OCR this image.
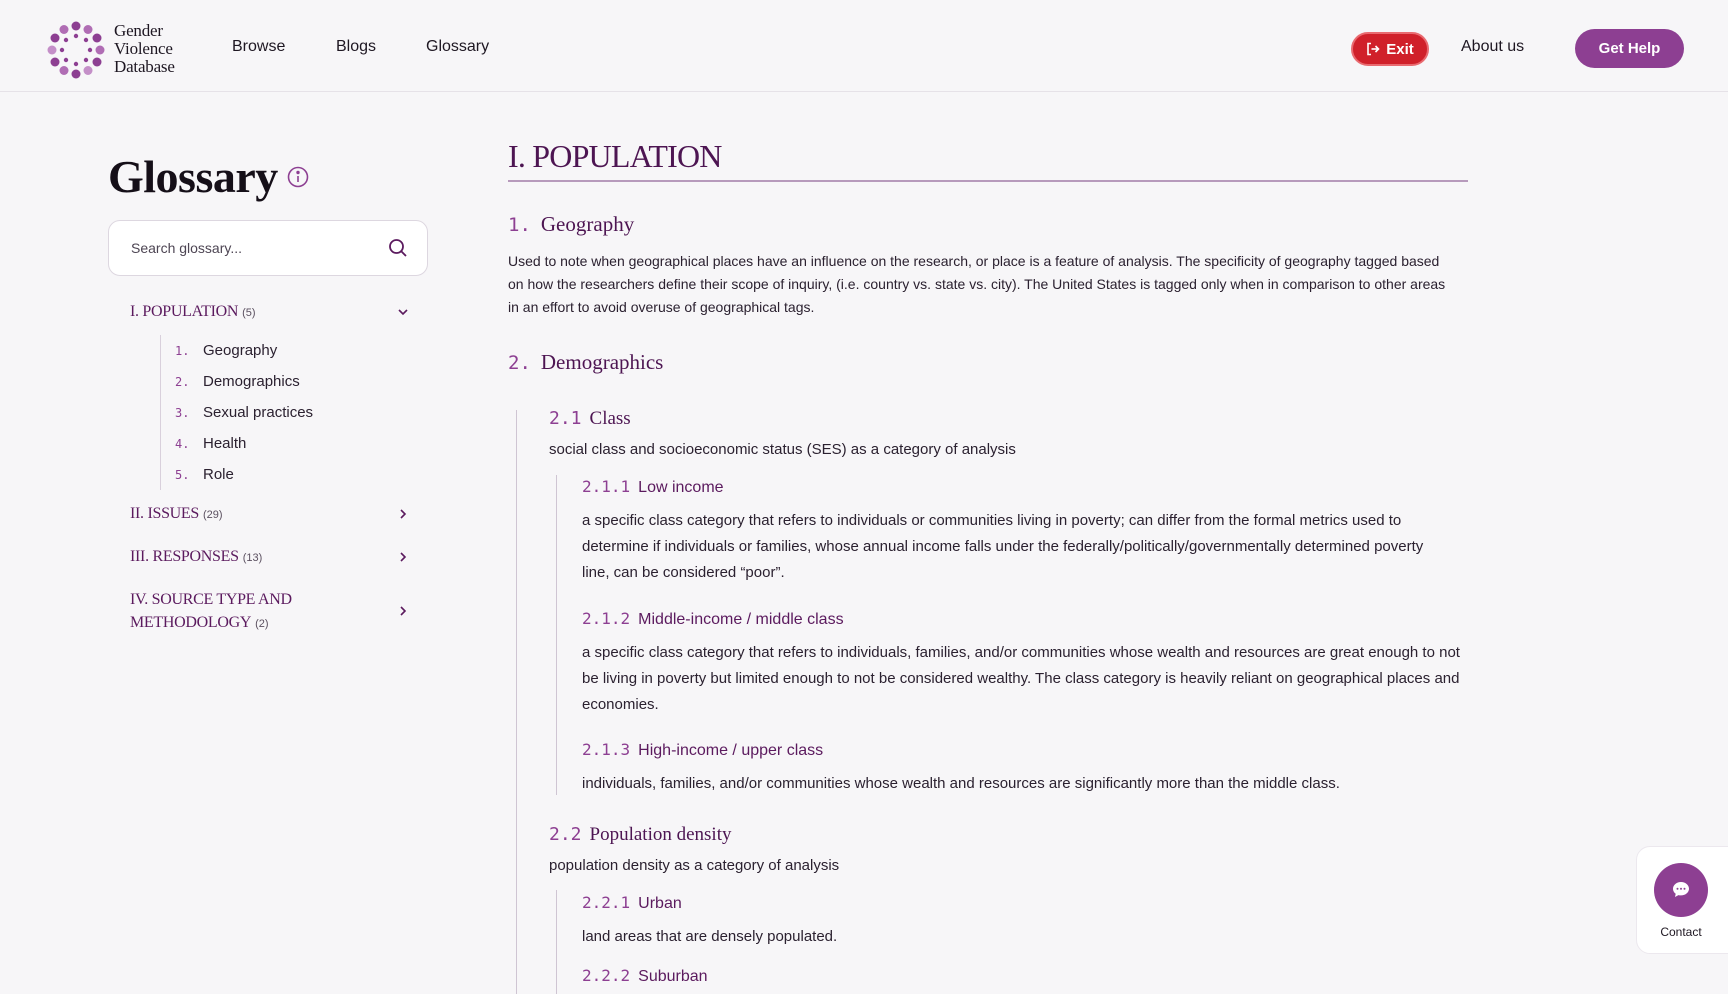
Gender
Violence
Database
Browse	Blogs	Glossary	Exit	About us	Get Help
Glossary
Search glossary...
I. POPULATION (5)
1. Geography
2. Demographics
3. Sexual practices
4. Health
5. Role
II. ISSUES (29)
III. RESPONSES (13)
IV. SOURCE TYPE AND
METHODOLOGY (2)
I. POPULATION
1. Geography
Used to note when geographical places have an influence on the research, or place is a feature of analysis. The specificity of geography tagged based on how the researchers define their scope of inquiry, (i.e. country vs. state vs. city). The United States is tagged only when in comparison to other areas in an effort to avoid overuse of geographical tags.
2. Demographics
2.1 Class
social class and socioeconomic status (SES) as a category of analysis
2.1.1 Low income
a specific class category that refers to individuals or communities living in poverty; can differ from the formal metrics used to determine if individuals or families, whose annual income falls under the federally/politically/governmentally determined poverty line, can be considered “poor”.
2.1.2 Middle-income / middle class
a specific class category that refers to individuals, families, and/or communities whose wealth and resources are great enough to not be living in poverty but limited enough to not be considered wealthy. The class category is heavily reliant on geographical places and economies.
2.1.3 High-income / upper class
individuals, families, and/or communities whose wealth and resources are significantly more than the middle class.
2.2 Population density
population density as a category of analysis
2.2.1 Urban
land areas that are densely populated.
2.2.2 Suburban
Contact
